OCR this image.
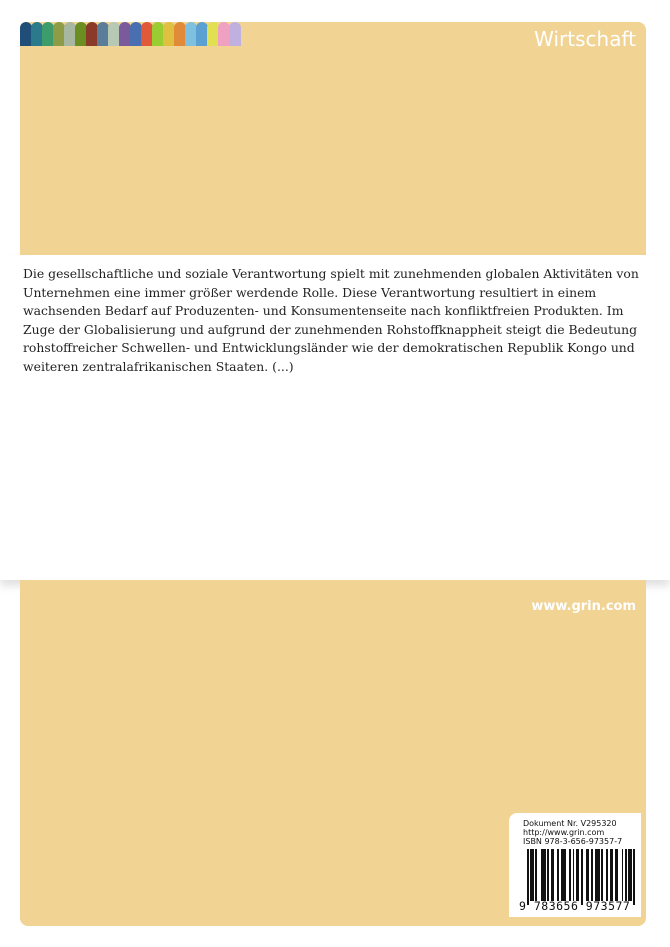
Wirtschaft

Die gesellschaftliche und soziale Verantwortung spielt mit zunehmenden globalen Aktivitäten von Unternehmen eine immer größer werdende Rolle. Diese Verantwortung resultiert in einem wachsenden Bedarf auf Produzenten- und Konsumentenseite nach konfliktfreien Produkten. Im Zuge der Globalisierung und aufgrund der zunehmenden Rohstoffknappheit steigt die Bedeutung rohstoffreicher Schwellen- und Entwicklungsländer wie der demokratischen Republik Kongo und weiteren zentralafrikanischen Staaten. (...)

www.grin.com
Dokument Nr. V295320
http://www.grin.com
ISBN 978-3-656-97357-7
9 783656 973577
